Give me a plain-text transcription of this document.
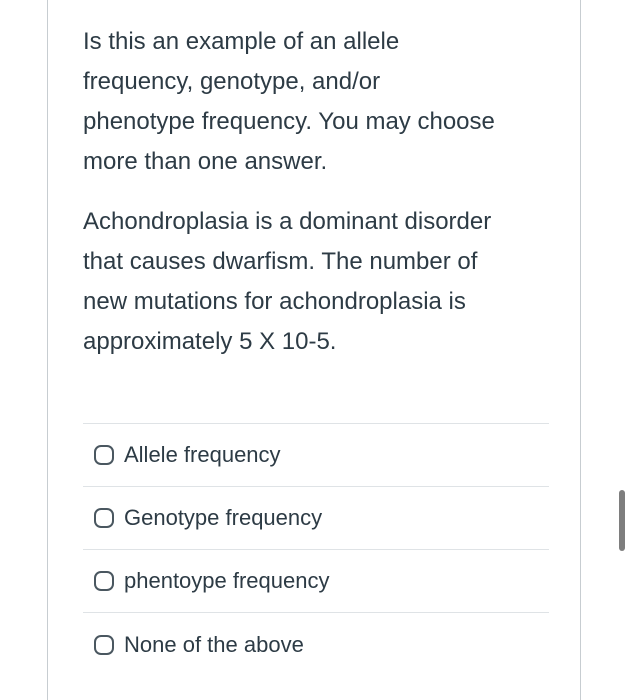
Is this an example of an allele
frequency, genotype, and/or
phenotype frequency. You may choose
more than one answer.

Achondroplasia is a dominant disorder
that causes dwarfism. The number of
new mutations for achondroplasia is
approximately 5 X 10-5.

Allele frequency
Genotype frequency
phentoype frequency
None of the above
